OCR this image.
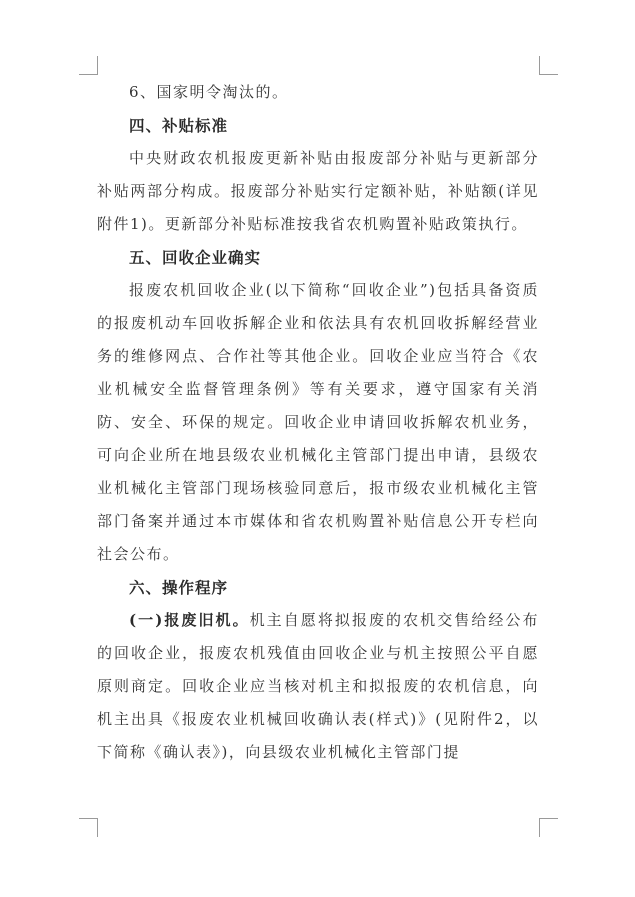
6、国家明令淘汰的。

四、补贴标准

中央财政农机报废更新补贴由报废部分补贴与更新部分补贴两部分构成。报废部分补贴实行定额补贴，补贴额(详见附件1)。更新部分补贴标准按我省农机购置补贴政策执行。

五、回收企业确实

报废农机回收企业(以下简称“回收企业”)包括具备资质的报废机动车回收拆解企业和依法具有农机回收拆解经营业务的维修网点、合作社等其他企业。回收企业应当符合《农业机械安全监督管理条例》等有关要求，遵守国家有关消防、安全、环保的规定。回收企业申请回收拆解农机业务，可向企业所在地县级农业机械化主管部门提出申请，县级农业机械化主管部门现场核验同意后，报市级农业机械化主管部门备案并通过本市媒体和省农机购置补贴信息公开专栏向社会公布。

六、操作程序

(一)报废旧机。机主自愿将拟报废的农机交售给经公布的回收企业，报废农机残值由回收企业与机主按照公平自愿原则商定。回收企业应当核对机主和拟报废的农机信息，向机主出具《报废农业机械回收确认表(样式)》(见附件2，以下简称《确认表》)，向县级农业机械化主管部门提
